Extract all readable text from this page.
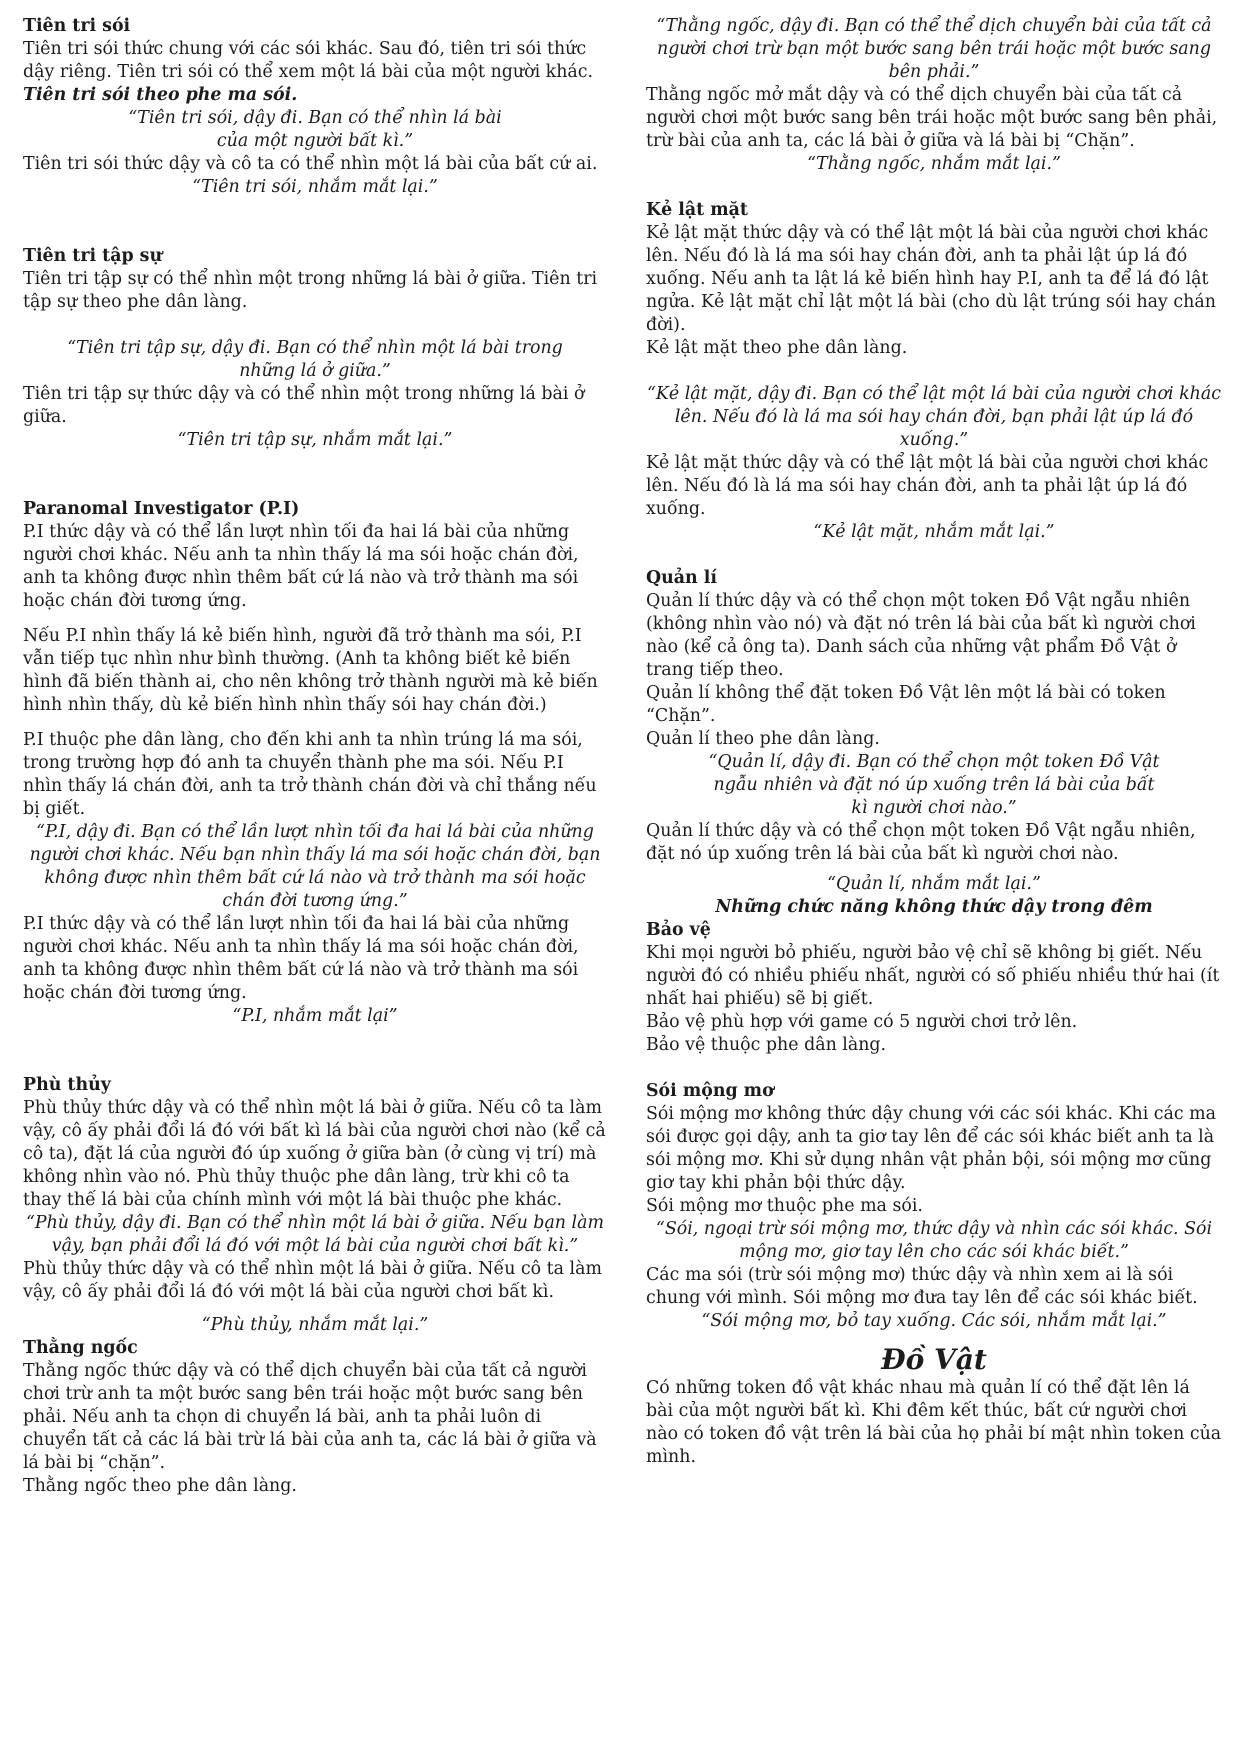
Tiên tri sói

Tiên tri sói thức chung với các sói khác. Sau đó, tiên tri sói thức dậy riêng. Tiên tri sói có thể xem một lá bài của một người khác.

Tiên tri sói theo phe ma sói.

“Tiên tri sói, dậy đi. Bạn có thể nhìn lá bài của một người bất kì.”

Tiên tri sói thức dậy và cô ta có thể nhìn một lá bài của bất cứ ai.

“Tiên tri sói, nhắm mắt lại.”

Tiên tri tập sự

Tiên tri tập sự có thể nhìn một trong những lá bài ở giữa. Tiên tri tập sự theo phe dân làng.

“Tiên tri tập sự, dậy đi. Bạn có thể nhìn một lá bài trong những lá ở giữa.”

Tiên tri tập sự thức dậy và có thể nhìn một trong những lá bài ở giữa.

“Tiên tri tập sự, nhắm mắt lại.”

Paranomal Investigator (P.I)

P.I thức dậy và có thể lần lượt nhìn tối đa hai lá bài của những người chơi khác. Nếu anh ta nhìn thấy lá ma sói hoặc chán đời, anh ta không được nhìn thêm bất cứ lá nào và trở thành ma sói hoặc chán đời tương ứng.

Nếu P.I nhìn thấy lá kẻ biến hình, người đã trở thành ma sói, P.I vẫn tiếp tục nhìn như bình thường. (Anh ta không biết kẻ biến hình đã biến thành ai, cho nên không trở thành người mà kẻ biến hình nhìn thấy, dù kẻ biến hình nhìn thấy sói hay chán đời.)

P.I thuộc phe dân làng, cho đến khi anh ta nhìn trúng lá ma sói, trong trường hợp đó anh ta chuyển thành phe ma sói. Nếu P.I nhìn thấy lá chán đời, anh ta trở thành chán đời và chỉ thắng nếu bị giết.

“P.I, dậy đi. Bạn có thể lần lượt nhìn tối đa hai lá bài của những người chơi khác. Nếu bạn nhìn thấy lá ma sói hoặc chán đời, bạn không được nhìn thêm bất cứ lá nào và trở thành ma sói hoặc chán đời tương ứng.”

P.I thức dậy và có thể lần lượt nhìn tối đa hai lá bài của những người chơi khác. Nếu anh ta nhìn thấy lá ma sói hoặc chán đời, anh ta không được nhìn thêm bất cứ lá nào và trở thành ma sói hoặc chán đời tương ứng.

“P.I, nhắm mắt lại”

Phù thủy

Phù thủy thức dậy và có thể nhìn một lá bài ở giữa. Nếu cô ta làm vậy, cô ấy phải đổi lá đó với bất kì lá bài của người chơi nào (kể cả cô ta), đặt lá của người đó úp xuống ở giữa bàn (ở cùng vị trí) mà không nhìn vào nó. Phù thủy thuộc phe dân làng, trừ khi cô ta thay thế lá bài của chính mình với một lá bài thuộc phe khác.

“Phù thủy, dậy đi. Bạn có thể nhìn một lá bài ở giữa. Nếu bạn làm vậy, bạn phải đổi lá đó với một lá bài của người chơi bất kì.”

Phù thủy thức dậy và có thể nhìn một lá bài ở giữa. Nếu cô ta làm vậy, cô ấy phải đổi lá đó với một lá bài của người chơi bất kì.

“Phù thủy, nhắm mắt lại.”

Thằng ngốc

Thằng ngốc thức dậy và có thể dịch chuyển bài của tất cả người chơi trừ anh ta một bước sang bên trái hoặc một bước sang bên phải. Nếu anh ta chọn di chuyển lá bài, anh ta phải luôn di chuyển tất cả các lá bài trừ lá bài của anh ta, các lá bài ở giữa và lá bài bị “chặn”.

Thằng ngốc theo phe dân làng.

“Thằng ngốc, dậy đi. Bạn có thể thể dịch chuyển bài của tất cả người chơi trừ bạn một bước sang bên trái hoặc một bước sang bên phải.”

Thằng ngốc mở mắt dậy và có thể dịch chuyển bài của tất cả người chơi một bước sang bên trái hoặc một bước sang bên phải, trừ bài của anh ta, các lá bài ở giữa và lá bài bị “Chặn”.

“Thằng ngốc, nhắm mắt lại.”

Kẻ lật mặt

Kẻ lật mặt thức dậy và có thể lật một lá bài của người chơi khác lên. Nếu đó là lá ma sói hay chán đời, anh ta phải lật úp lá đó xuống. Nếu anh ta lật lá kẻ biến hình hay P.I, anh ta để lá đó lật ngửa. Kẻ lật mặt chỉ lật một lá bài (cho dù lật trúng sói hay chán đời).

Kẻ lật mặt theo phe dân làng.

“Kẻ lật mặt, dậy đi. Bạn có thể lật một lá bài của người chơi khác lên. Nếu đó là lá ma sói hay chán đời, bạn phải lật úp lá đó xuống.”

Kẻ lật mặt thức dậy và có thể lật một lá bài của người chơi khác lên. Nếu đó là lá ma sói hay chán đời, anh ta phải lật úp lá đó xuống.

“Kẻ lật mặt, nhắm mắt lại.”

Quản lí

Quản lí thức dậy và có thể chọn một token Đồ Vật ngẫu nhiên (không nhìn vào nó) và đặt nó trên lá bài của bất kì người chơi nào (kể cả ông ta). Danh sách của những vật phẩm Đồ Vật ở trang tiếp theo.

Quản lí không thể đặt token Đồ Vật lên một lá bài có token “Chặn”.

Quản lí theo phe dân làng.

“Quản lí, dậy đi. Bạn có thể chọn một token Đồ Vật ngẫu nhiên và đặt nó úp xuống trên lá bài của bất kì người chơi nào.”

Quản lí thức dậy và có thể chọn một token Đồ Vật ngẫu nhiên, đặt nó úp xuống trên lá bài của bất kì người chơi nào.

“Quản lí, nhắm mắt lại.”

Những chức năng không thức dậy trong đêm

Bảo vệ

Khi mọi người bỏ phiếu, người bảo vệ chỉ sẽ không bị giết. Nếu người đó có nhiều phiếu nhất, người có số phiếu nhiều thứ hai (ít nhất hai phiếu) sẽ bị giết.

Bảo vệ phù hợp với game có 5 người chơi trở lên.

Bảo vệ thuộc phe dân làng.

Sói mộng mơ

Sói mộng mơ không thức dậy chung với các sói khác. Khi các ma sói được gọi dậy, anh ta giơ tay lên để các sói khác biết anh ta là sói mộng mơ. Khi sử dụng nhân vật phản bội, sói mộng mơ cũng giơ tay khi phản bội thức dậy.

Sói mộng mơ thuộc phe ma sói.

“Sói, ngoại trừ sói mộng mơ, thức dậy và nhìn các sói khác. Sói mộng mơ, giơ tay lên cho các sói khác biết.”

Các ma sói (trừ sói mộng mơ) thức dậy và nhìn xem ai là sói chung với mình. Sói mộng mơ đưa tay lên để các sói khác biết.

“Sói mộng mơ, bỏ tay xuống. Các sói, nhắm mắt lại.”

Đồ Vật

Có những token đồ vật khác nhau mà quản lí có thể đặt lên lá bài của một người bất kì. Khi đêm kết thúc, bất cứ người chơi nào có token đồ vật trên lá bài của họ phải bí mật nhìn token của mình.
